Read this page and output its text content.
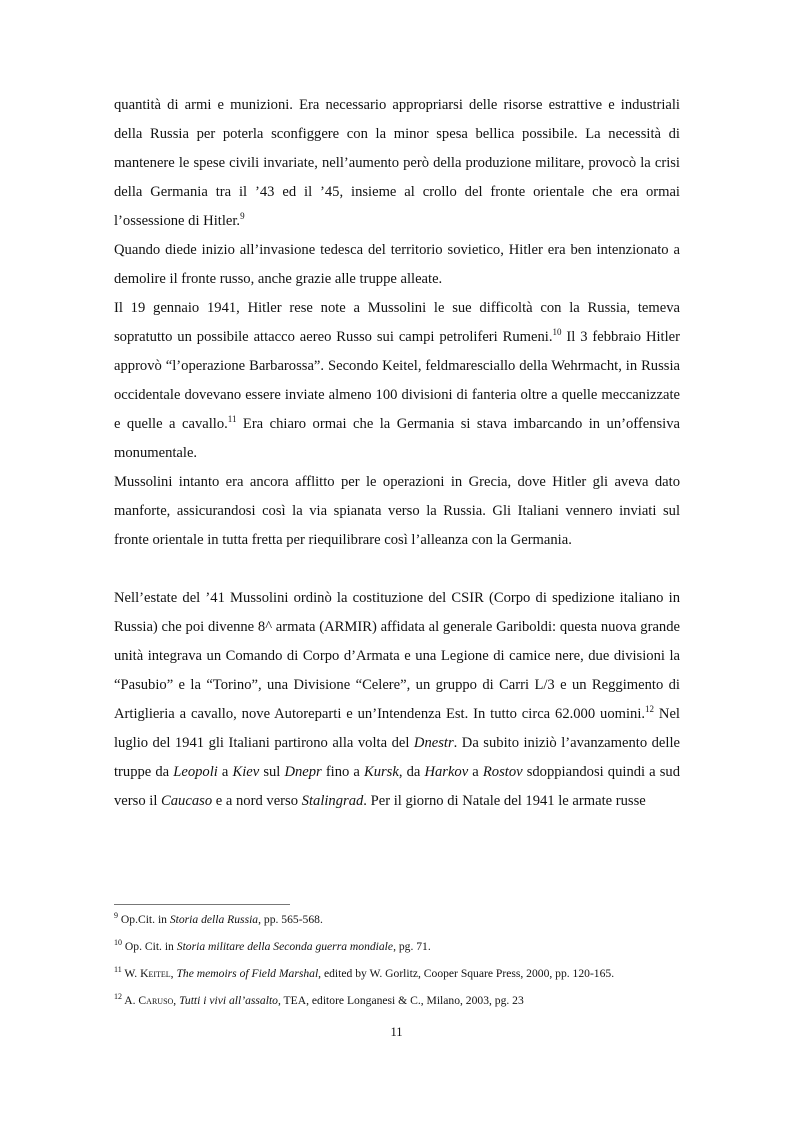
quantità di armi e munizioni. Era necessario appropriarsi delle risorse estrattive e industriali della Russia per poterla sconfiggere con la minor spesa bellica possibile. La necessità di mantenere le spese civili invariate, nell’aumento però della produzione militare, provocò la crisi della Germania tra il ’43 ed il ’45, insieme al crollo del fronte orientale che era ormai l’ossessione di Hitler.$^9$

Quando diede inizio all’invasione tedesca del territorio sovietico, Hitler era ben intenzionato a demolire il fronte russo, anche grazie alle truppe alleate.

Il 19 gennaio 1941, Hitler rese note a Mussolini le sue difficoltà con la Russia, temeva sopratutto un possibile attacco aereo Russo sui campi petroliferi Rumeni.$^{10}$ Il 3 febbraio Hitler approvò “l’operazione Barbarossa”. Secondo Keitel, feldmaresciallo della Wehrmacht, in Russia occidentale dovevano essere inviate almeno 100 divisioni di fanteria oltre a quelle meccanizzate e quelle a cavallo.$^{11}$ Era chiaro ormai che la Germania si stava imbarcando in un’offensiva monumentale.

Mussolini intanto era ancora afflitto per le operazioni in Grecia, dove Hitler gli aveva dato manforte, assicurandosi così la via spianata verso la Russia. Gli Italiani vennero inviati sul fronte orientale in tutta fretta per riequilibrare così l’alleanza con la Germania.

Nell’estate del ’41 Mussolini ordinò la costituzione del CSIR (Corpo di spedizione italiano in Russia) che poi divenne 8^ armata (ARMIR) affidata al generale Gariboldi: questa nuova grande unità integrava un Comando di Corpo d’Armata e una Legione di camice nere, due divisioni la “Pasubio” e la “Torino”, una Divisione “Celere”, un gruppo di Carri L/3 e un Reggimento di Artiglieria a cavallo, nove Autoreparti e un’Intendenza Est. In tutto circa 62.000 uomini.$^{12}$ Nel luglio del 1941 gli Italiani partirono alla volta del Dnestr. Da subito iniziò l’avanzamento delle truppe da Leopoli a Kiev sul Dnepr fino a Kursk, da Harkov a Rostov sdoppiandosi quindi a sud verso il Caucaso e a nord verso Stalingrad. Per il giorno di Natale del 1941 le armate russe

$^9$ Op.Cit. in Storia della Russia, pp. 565-568.

$^{10}$ Op. Cit. in Storia militare della Seconda guerra mondiale, pg. 71.

$^{11}$ W. Keitel, The memoirs of Field Marshal, edited by W. Gorlitz, Cooper Square Press, 2000, pp. 120-165.

$^{12}$ A. Caruso, Tutti i vivi all’assalto, TEA, editore Longanesi & C., Milano, 2003, pg. 23

11
